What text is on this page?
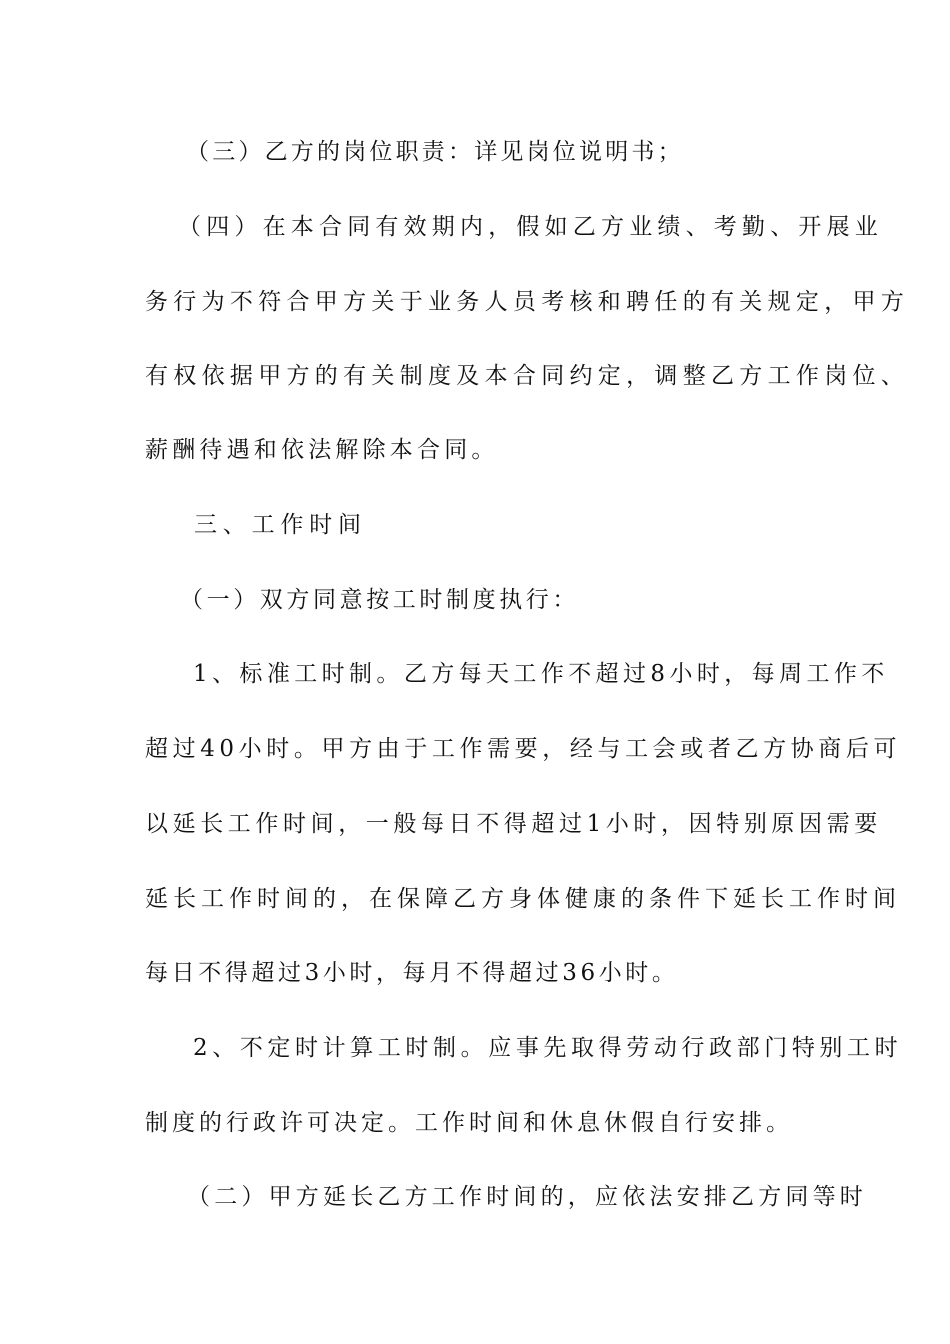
（三）乙方的岗位职责：详见岗位说明书；
（四）在本合同有效期内，假如乙方业绩、考勤、开展业
务行为不符合甲方关于业务人员考核和聘任的有关规定，甲方
有权依据甲方的有关制度及本合同约定，调整乙方工作岗位、
薪酬待遇和依法解除本合同。
三、工作时间
（一）双方同意按工时制度执行：
1、标准工时制。乙方每天工作不超过8小时，每周工作不
超过40小时。甲方由于工作需要，经与工会或者乙方协商后可
以延长工作时间，一般每日不得超过1小时，因特别原因需要
延长工作时间的，在保障乙方身体健康的条件下延长工作时间
每日不得超过3小时，每月不得超过36小时。
2、不定时计算工时制。应事先取得劳动行政部门特别工时
制度的行政许可决定。工作时间和休息休假自行安排。
（二）甲方延长乙方工作时间的，应依法安排乙方同等时
